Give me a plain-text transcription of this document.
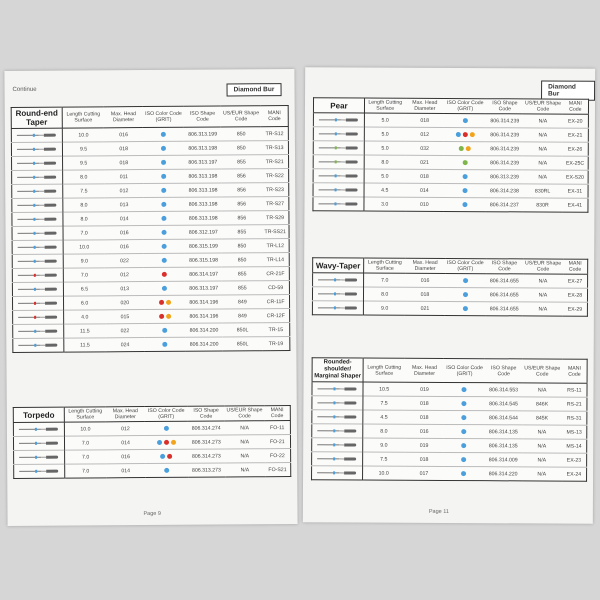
Continue	Diamond Bur
Round-end Taper	Length Cutting Surface	Max. Head Diameter	ISO Color Code (GRIT)	ISO Shape Code	US/EUR Shape Code	MANI Code

	10.0	016		806.313.199	850	TR-S12

	9.5	018		806.313.198	850	TR-S13

	9.5	018		806.313.197	855	TR-S21

	8.0	011		806.313.198	856	TR-S22

	7.5	012		806.313.198	856	TR-S23

	8.0	013		806.313.198	856	TR-S27

	8.0	014		806.313.198	856	TR-S29

	7.0	016		806.312.197	855	TR-SS21

	10.0	016		806.315.199	850	TR-L12

	9.0	022		806.315.198	850	TR-L14

	7.0	012		806.314.197	855	CR-21F

	6.5	013		806.313.197	855	CD-59

	6.0	020		806.314.196	849	CR-11F

	4.0	015		806.314.196	849	CR-12F

	11.5	022		806.314.200	850L	TR-15

	11.5	024		806.314.200	850L	TR-19
Torpedo	Length Cutting Surface	Max. Head Diameter	ISO Color Code (GRIT)	ISO Shape Code	US/EUR Shape Code	MANI Code

	10.0	012		806.314.274	N/A	FO-11

	7.0	014		806.314.273	N/A	FO-21

	7.0	016		806.314.273	N/A	FO-22

	7.0	014		806.313.273	N/A	FO-S21
Page 9
Diamond Bur
Pear	Length Cutting Surface	Max. Head Diameter	ISO Color Code (GRIT)	ISO Shape Code	US/EUR Shape Code	MANI Code

	5.0	018		806.314.239	N/A	EX-20

	5.0	012		806.314.239	N/A	EX-21

	5.0	032		806.314.239	N/A	EX-26

	8.0	021		806.314.239	N/A	EX-25C

	5.0	018		806.313.239	N/A	EX-S20

	4.5	014		806.314.238	830RL	EX-31

	3.0	010		806.314.237	830R	EX-41
Wavy-Taper	Length Cutting Surface	Max. Head Diameter	ISO Color Code (GRIT)	ISO Shape Code	US/EUR Shape Code	MANI Code

	7.0	016		806.314.655	N/A	EX-27

	8.0	018		806.314.655	N/A	EX-28

	9.0	021		806.314.655	N/A	EX-29
Rounded-shoulder/ Marginal Shaper	Length Cutting Surface	Max. Head Diameter	ISO Color Code (GRIT)	ISO Shape Code	US/EUR Shape Code	MANI Code

	10.5	019		806.314.553	N/A	RS-11

	7.5	018		806.314.545	846K	RS-21

	4.5	018		806.314.544	845K	RS-31

	8.0	016		806.314.135	N/A	MS-13

	9.0	019		806.314.135	N/A	MS-14

	7.5	018		806.314.009	N/A	EX-23

	10.0	017		806.314.220	N/A	EX-24
Page 11
